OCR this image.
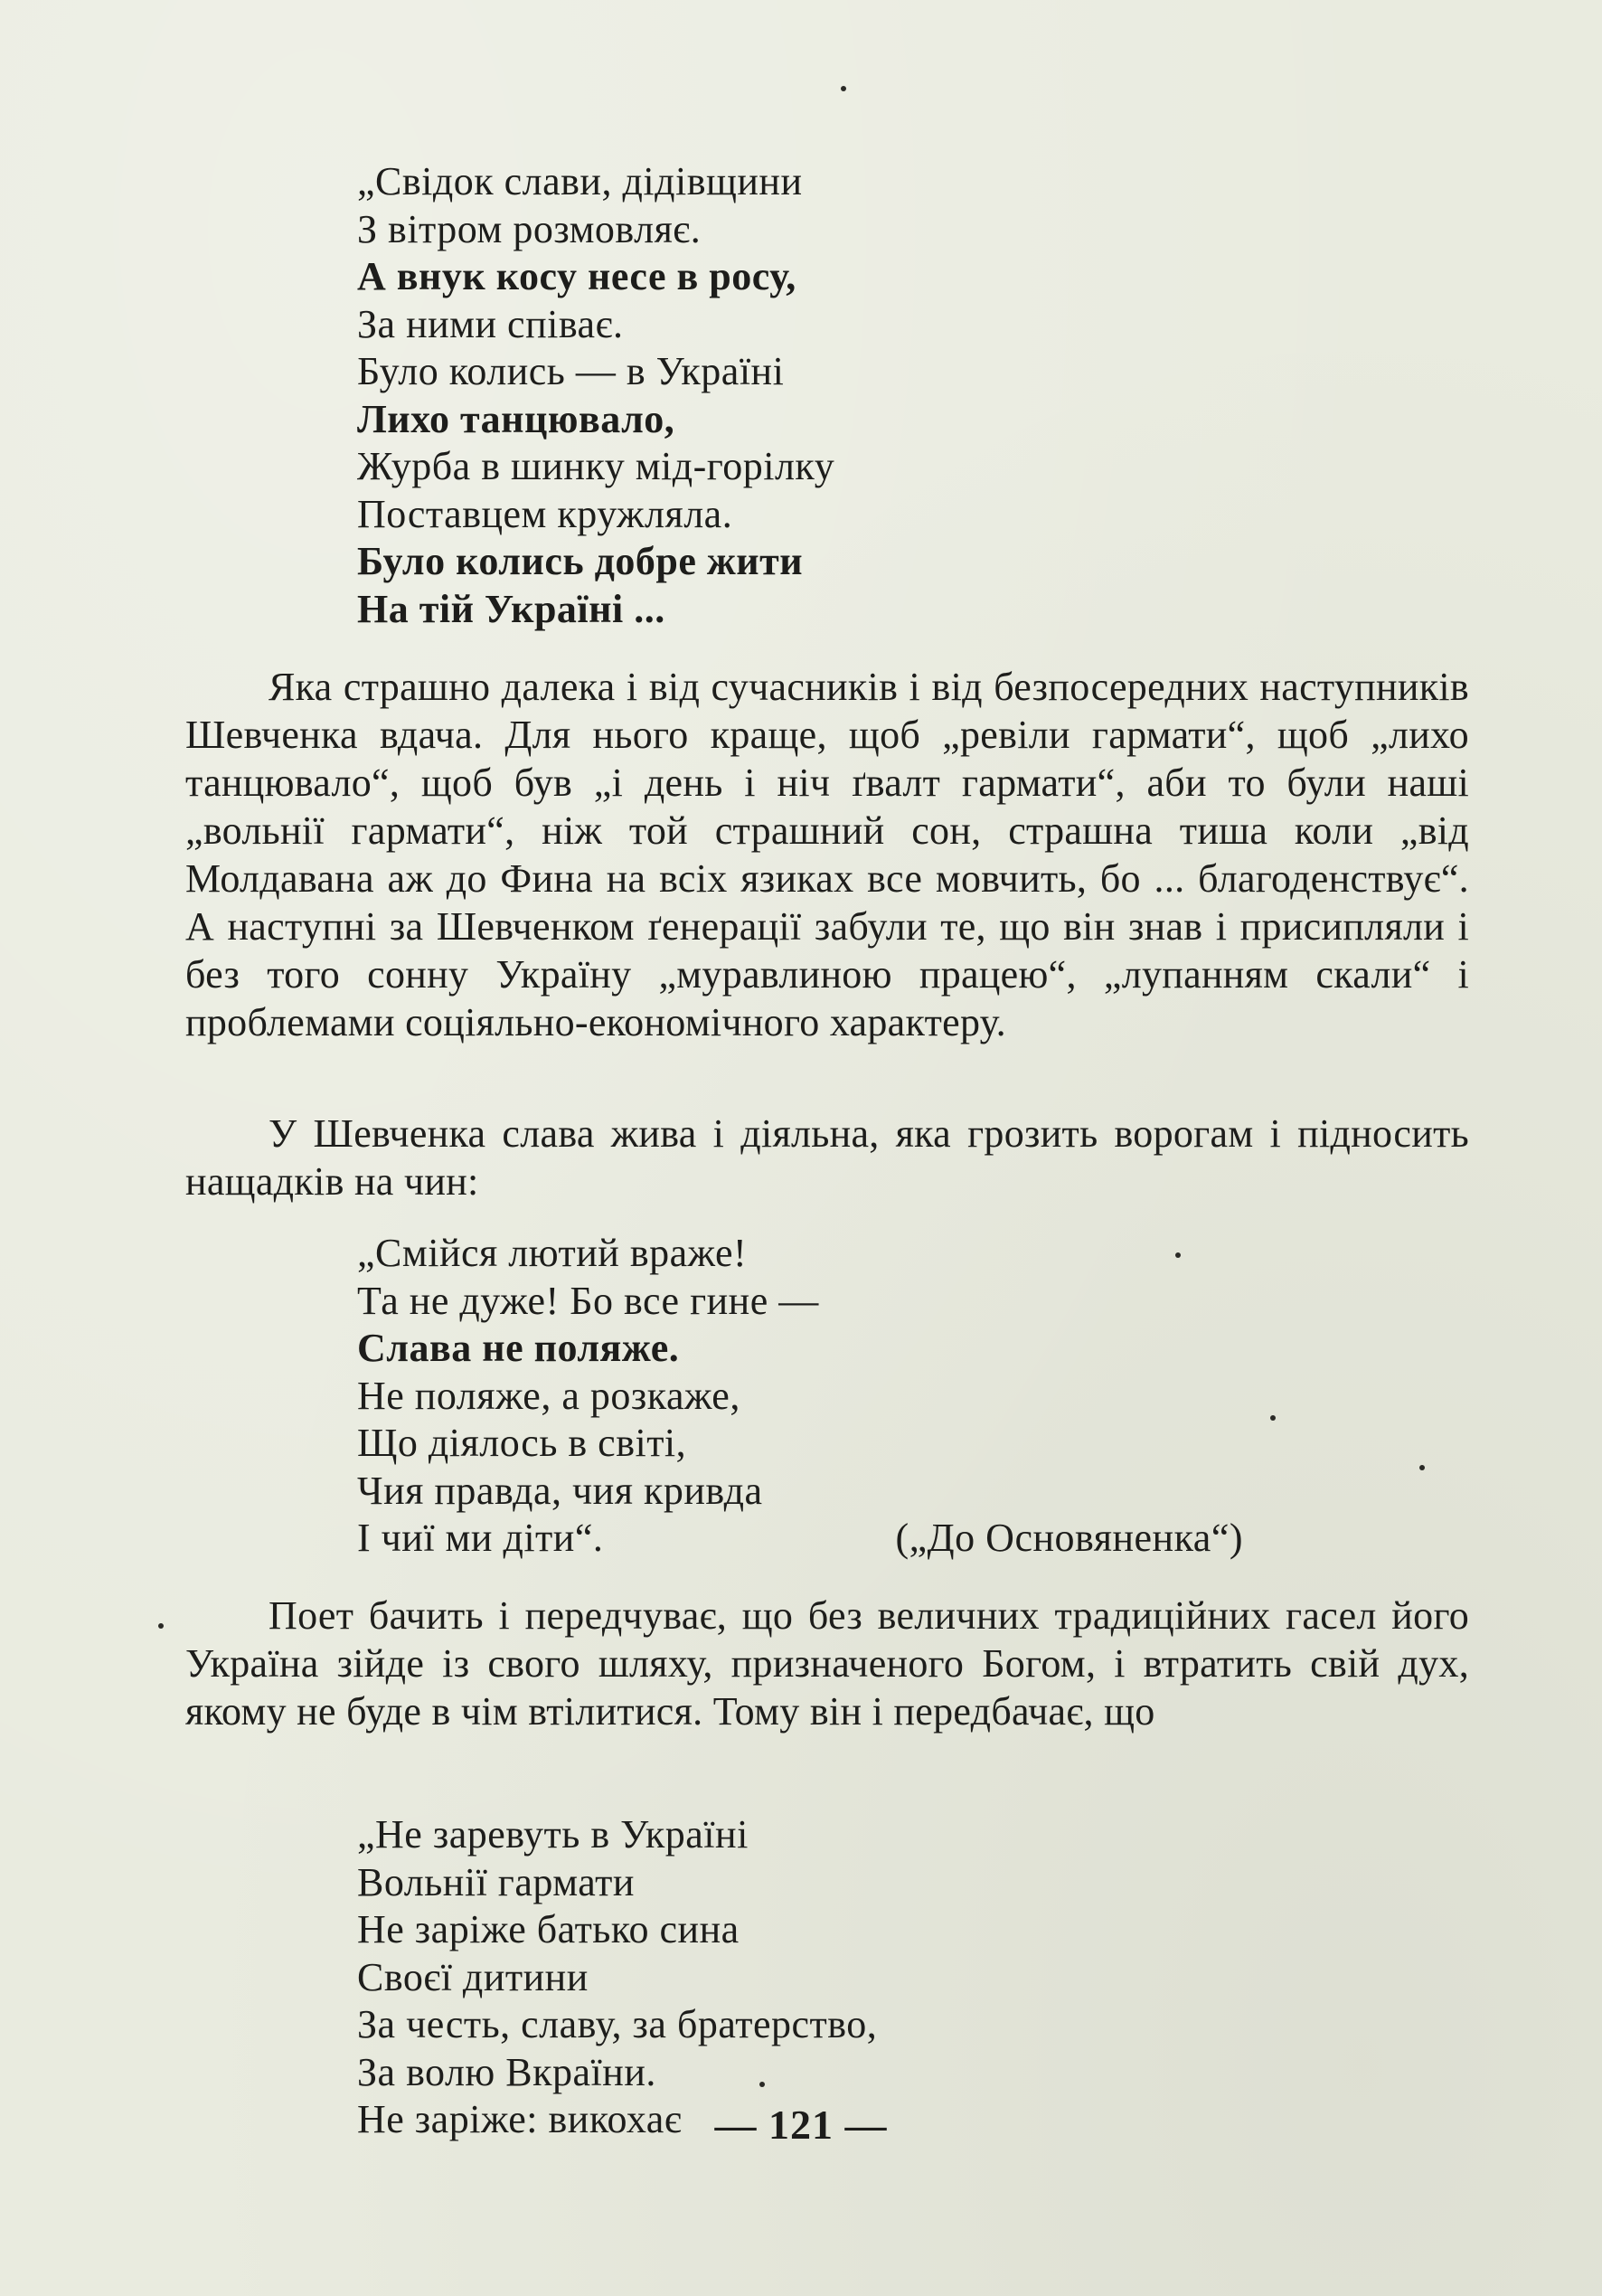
„Свідок слави, дідівщини
З вітром розмовляє.
А внук косу несе в росу,
За ними співає.
Було колись — в Україні
Лихо танцювало,
Журба в шинку мід-горілку
Поставцем кружляла.
Було колись добре жити
На тій Україні ...

Яка страшно далека і від сучасників і від безпосередних наступників Шевченка вдача. Для нього краще, щоб „ревіли гармати“, щоб „лихо танцювало“, щоб був „і день і ніч ґвалт гармати“, аби то були наші „вольнії гармати“, ніж той страшний сон, страшна тиша коли „від Молдавана аж до Фина на всіх язиках все мовчить, бо ... благоденствує“. А наступні за Шевченком ґенерації забули те, що він знав і присипляли і без того сонну Україну „муравлиною працею“, „лупанням скали“ і проблемами соціяльно-економічного характеру.

У Шевченка слава жива і діяльна, яка грозить ворогам і підносить нащадків на чин:

„Смійся лютий враже!
Та не дуже! Бо все гине —
Слава не поляже.
Не поляже, а розкаже,
Що діялось в світі,
Чия правда, чия кривда
І чиї ми діти“.	(„До Основяненка“)

Поет бачить і передчуває, що без величних традиційних гасел його Україна зійде із свого шляху, призначеного Богом, і втратить свій дух, якому не буде в чім втілитися. Тому він і передбачає, що

„Не заревуть в Україні
Вольнії гармати
Не заріже батько сина
Своєї дитини
За честь, славу, за братерство,
За волю Вкраїни.
Не заріже: викохає — 121 —
